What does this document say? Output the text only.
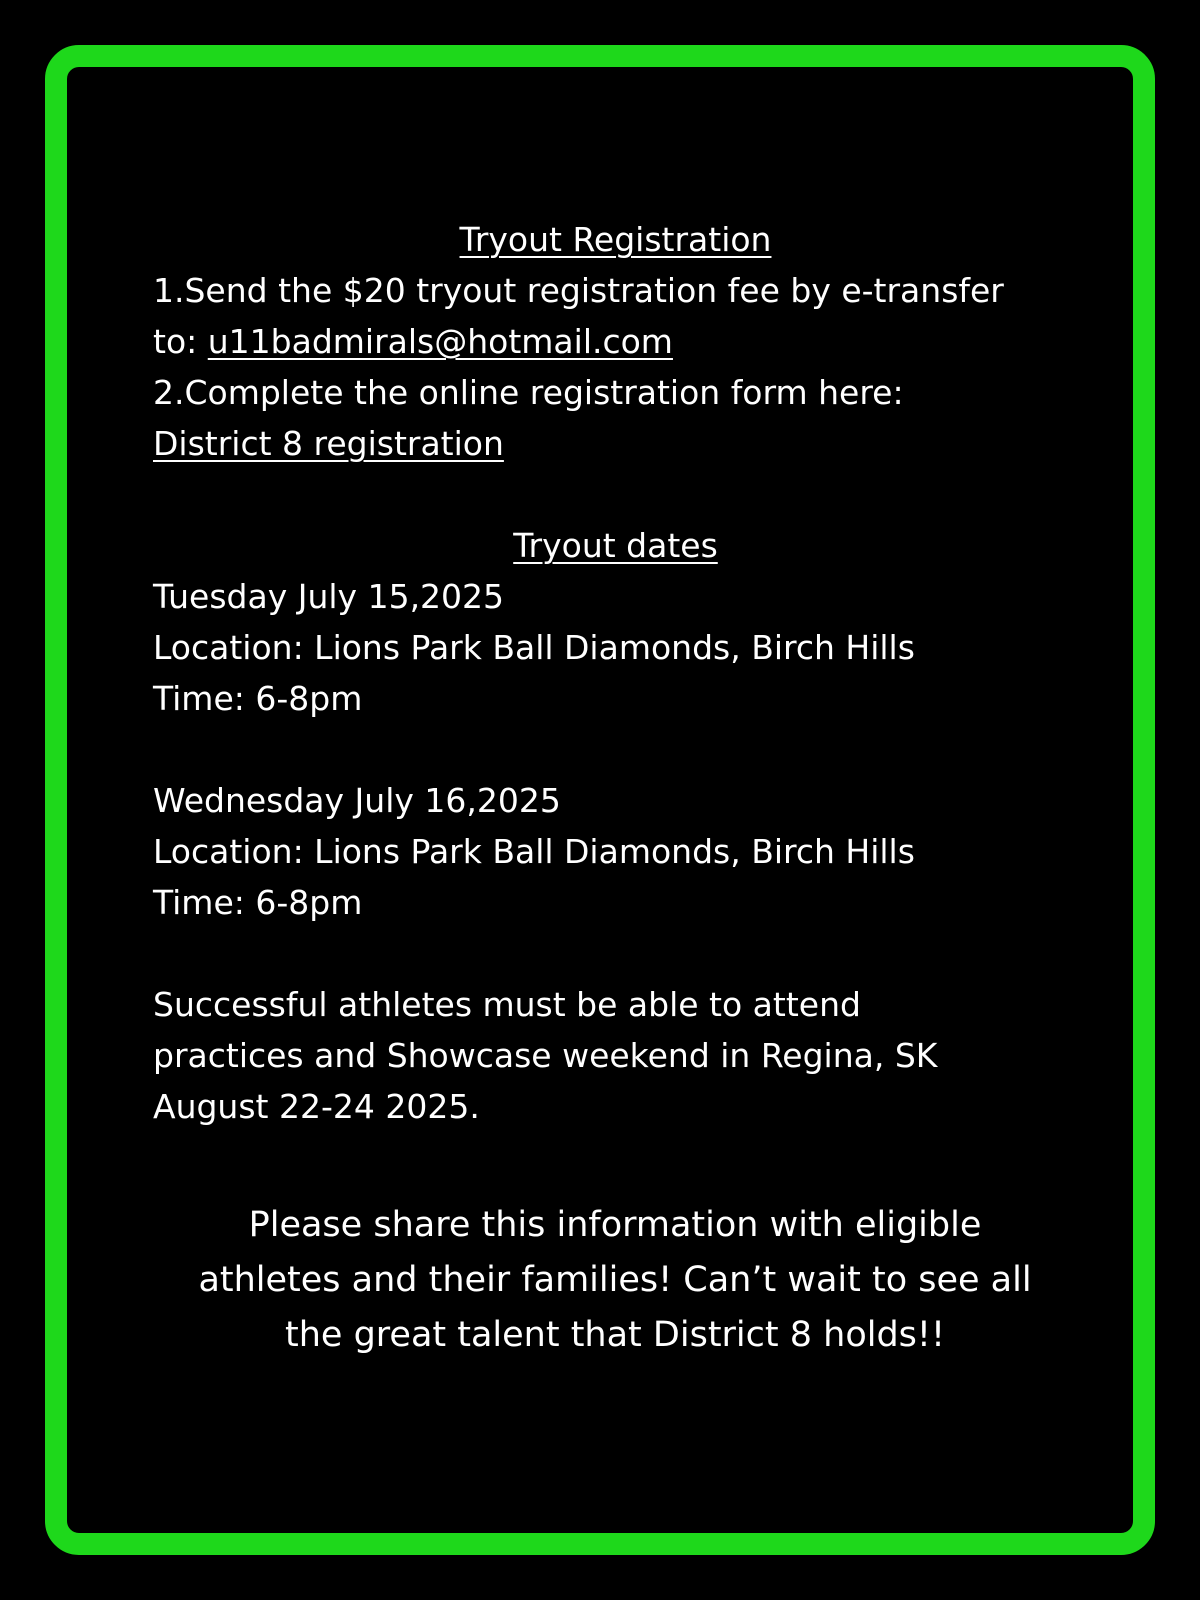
Tryout Registration
1.Send the $20 tryout registration fee by e-transfer
to: u11badmirals@hotmail.com
2.Complete the online registration form here:
District 8 registration
Tryout dates
Tuesday July 15,2025
Location: Lions Park Ball Diamonds, Birch Hills
Time: 6-8pm
Wednesday July 16,2025
Location: Lions Park Ball Diamonds, Birch Hills
Time: 6-8pm
Successful athletes must be able to attend
practices and Showcase weekend in Regina, SK
August 22-24 2025.
Please share this information with eligible
athletes and their families! Can’t wait to see all
the great talent that District 8 holds!!
